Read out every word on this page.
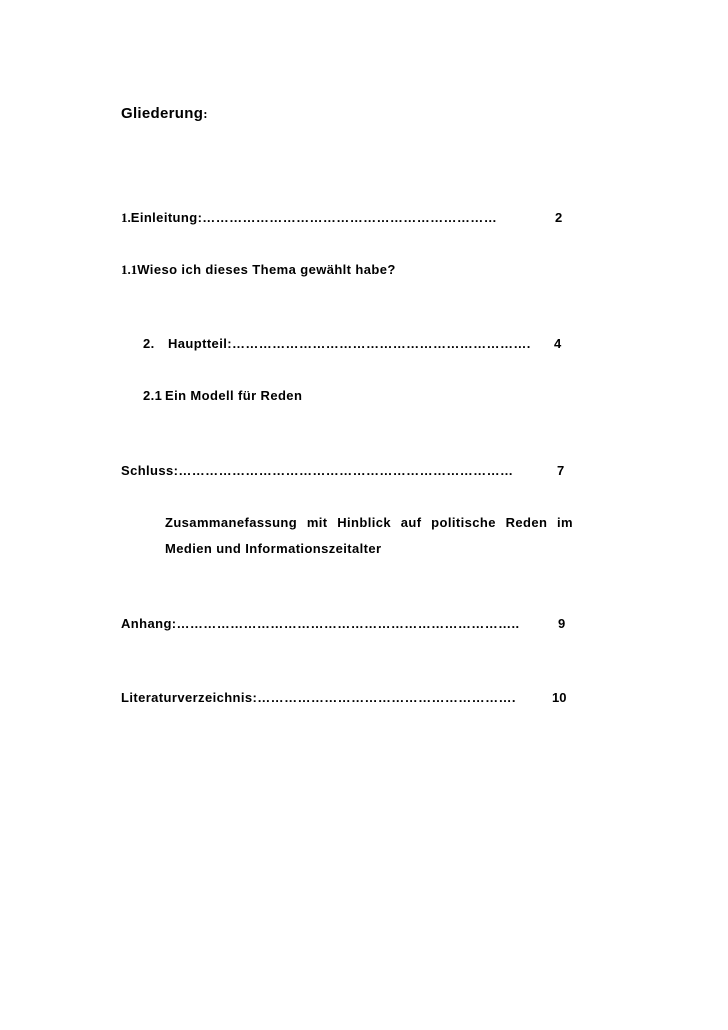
Gliederung:
1.Einleitung:…………………………………………………………	2
1.1Wieso ich dieses Thema gewählt habe?
2. Hauptteil:…………………………………………………………. 4
2.1 Ein Modell für Reden
Schluss:…………………………………………………………………	7
Zusammanefassung mit Hinblick auf politische Reden im
Medien und Informationszeitalter
Anhang:…………………………………………………………………..	9
Literaturverzeichnis:………………………………………………….	10
